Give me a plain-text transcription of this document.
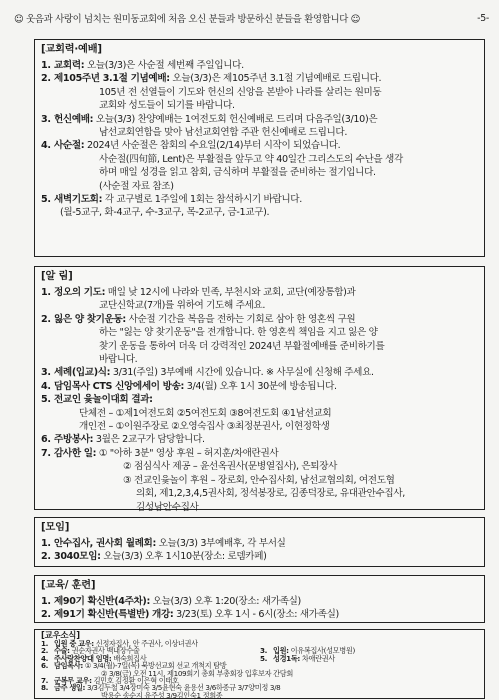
☺ 웃음과 사랑이 넘치는 원미동교회에 처음 오신 분들과 방문하신 분들을 환영합니다 ☺	-5-
[교회력·예배]
1. 교회력: 오늘(3/3)은 사순절 세번째 주일입니다.
2. 제105주년 3.1절 기념예배: 오늘(3/3)은 제105주년 3.1절 기념예배로 드립니다.
105년 전 선열들이 기도와 헌신의 신앙을 본받아 나라를 살리는 원미동
교회와 성도들이 되기를 바랍니다.
3. 헌신예배: 오늘(3/3) 찬양예배는 1여전도회 헌신예배로 드리며 다음주일(3/10)은
남선교회연합을 맞아 남선교회연합 주관 헌신예배로 드립니다.
4. 사순절: 2024년 사순절은 참회의 수요일(2/14)부터 시작이 되었습니다.
사순절(四旬節, Lent)은 부활절을 앞두고 약 40일간 그리스도의 수난을 생각
하며 매일 성경을 읽고 참회, 금식하며 부활절을 준비하는 절기입니다.
(사순절 자료 참조)
5. 새벽기도회: 각 교구별로 1주일에 1회는 참석하시기 바랍니다.
(월-5교구, 화-4교구, 수-3교구, 목-2교구, 금-1교구).
[알 림]
1. 정오의 기도: 매일 낮 12시에 나라와 민족, 부천시와 교회, 교단(예장통합)과
교단신학교(7개)를 위하여 기도해 주세요.
2. 잃은 양 찾기운동: 사순절 기간을 복음을 전하는 기회로 삼아 한 영혼씩 구원
하는 "잃는 양 찾기운동"을 전개합니다. 한 영혼씩 책임을 지고 잃은 양
찾기 운동을 통하여 더욱 더 강력적인 2024년 부활절예배를 준비하기를
바랍니다.
3. 세례(입교)식: 3/31(주일) 3부예배 시간에 있습니다. ※ 사무실에 신청해 주세요.
4. 담임목사 CTS 신앙에세이 방송: 3/4(월) 오후 1시 30분에 방송됩니다.
5. 전교인 윷놀이대회 결과:
단체전 – ①제1여전도회 ②5여전도회 ③8여전도회 ④1남선교회
개인전 – ①이원주장로 ②오영숙집사 ③최정분권사, 이현정학생
6. 주방봉사: 3월은 2교구가 담당합니다.
7. 감사한 일: ① "아하 3분" 영상 후원 – 허지훈/차애란권사
② 점심식사 제공 – 윤선옥권사(문병열집사), 은퇴장사
③ 전교인윷놀이 후원 – 장로회, 안수집사회, 남선교협의회, 여전도협
의회, 제1,2,3,4,5권사회, 정석봉장로, 김종덕장로, 유대관안수집사,
김성남안수집사
[모임]
1. 안수집사, 권사회 월례회: 오늘(3/3) 3부예배후, 각 부서실
2. 3040모임: 오늘(3/3) 오후 1시10분(장소: 로뎀카페)
[교육/ 훈련]
1. 제90기 확신반(4주차): 오늘(3/3) 오후 1:20(장소: 새가족실)
2. 제91기 확신반(특별반) 개강: 3/23(토) 오후 1시 - 6시(장소: 새가족실)
[교우소식]
1. 입원 중 교우: 신정자집사, 안 주권사, 이상녀권사
2. 수술: 권순자권사 백내장수술	3. 입원: 이유복집사(성모병원)
4. 주사랑찬양대 임명: 배숙희집사	5. 성경1독: 차애란권사
6. 담임목사: ① 3/4(월)-7일(목) 북방선교회 선교 개척지 탐방
② 3/8(금) 오전 11시, 제109회기 총회 부총회장 입후보자 간담회
7. 군복무 교우: 김민호 김정환 이은혁 이태호
8. 금주 생일: 3/3김두철 3/4장미숙 3/5윤현숙 윤용선 3/6하종규 3/7양미정 3/8
박용순 송순지 유주성 3/9김인숙1 정희종
